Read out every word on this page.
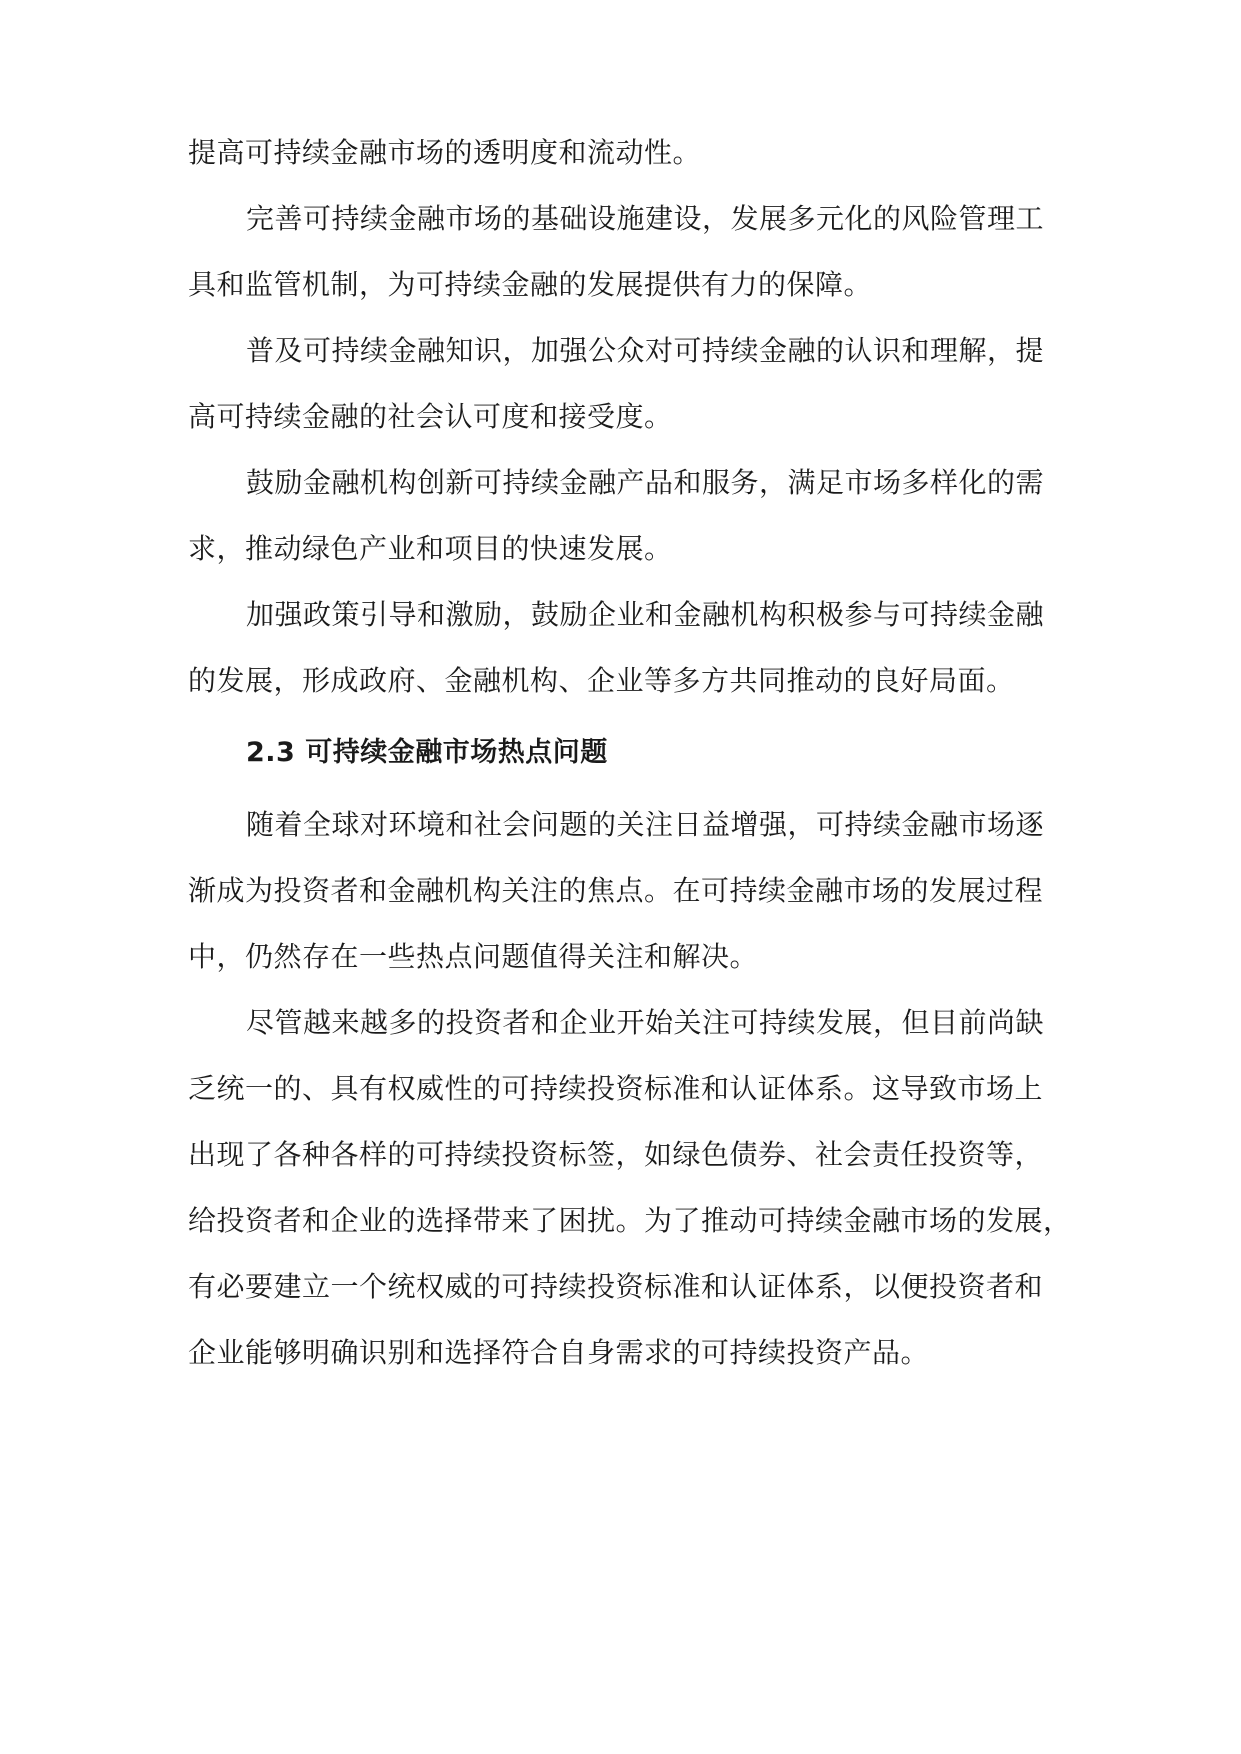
提高可持续金融市场的透明度和流动性。
完善可持续金融市场的基础设施建设，发展多元化的风险管理工
具和监管机制，为可持续金融的发展提供有力的保障。
普及可持续金融知识，加强公众对可持续金融的认识和理解，提
高可持续金融的社会认可度和接受度。
鼓励金融机构创新可持续金融产品和服务，满足市场多样化的需
求，推动绿色产业和项目的快速发展。
加强政策引导和激励，鼓励企业和金融机构积极参与可持续金融
的发展，形成政府、金融机构、企业等多方共同推动的良好局面。
2.3 可持续金融市场热点问题
随着全球对环境和社会问题的关注日益增强，可持续金融市场逐
渐成为投资者和金融机构关注的焦点。在可持续金融市场的发展过程
中，仍然存在一些热点问题值得关注和解决。
尽管越来越多的投资者和企业开始关注可持续发展，但目前尚缺
乏统一的、具有权威性的可持续投资标准和认证体系。这导致市场上
出现了各种各样的可持续投资标签，如绿色债券、社会责任投资等，
给投资者和企业的选择带来了困扰。为了推动可持续金融市场的发展，
有必要建立一个统权威的可持续投资标准和认证体系，以便投资者和
企业能够明确识别和选择符合自身需求的可持续投资产品。
